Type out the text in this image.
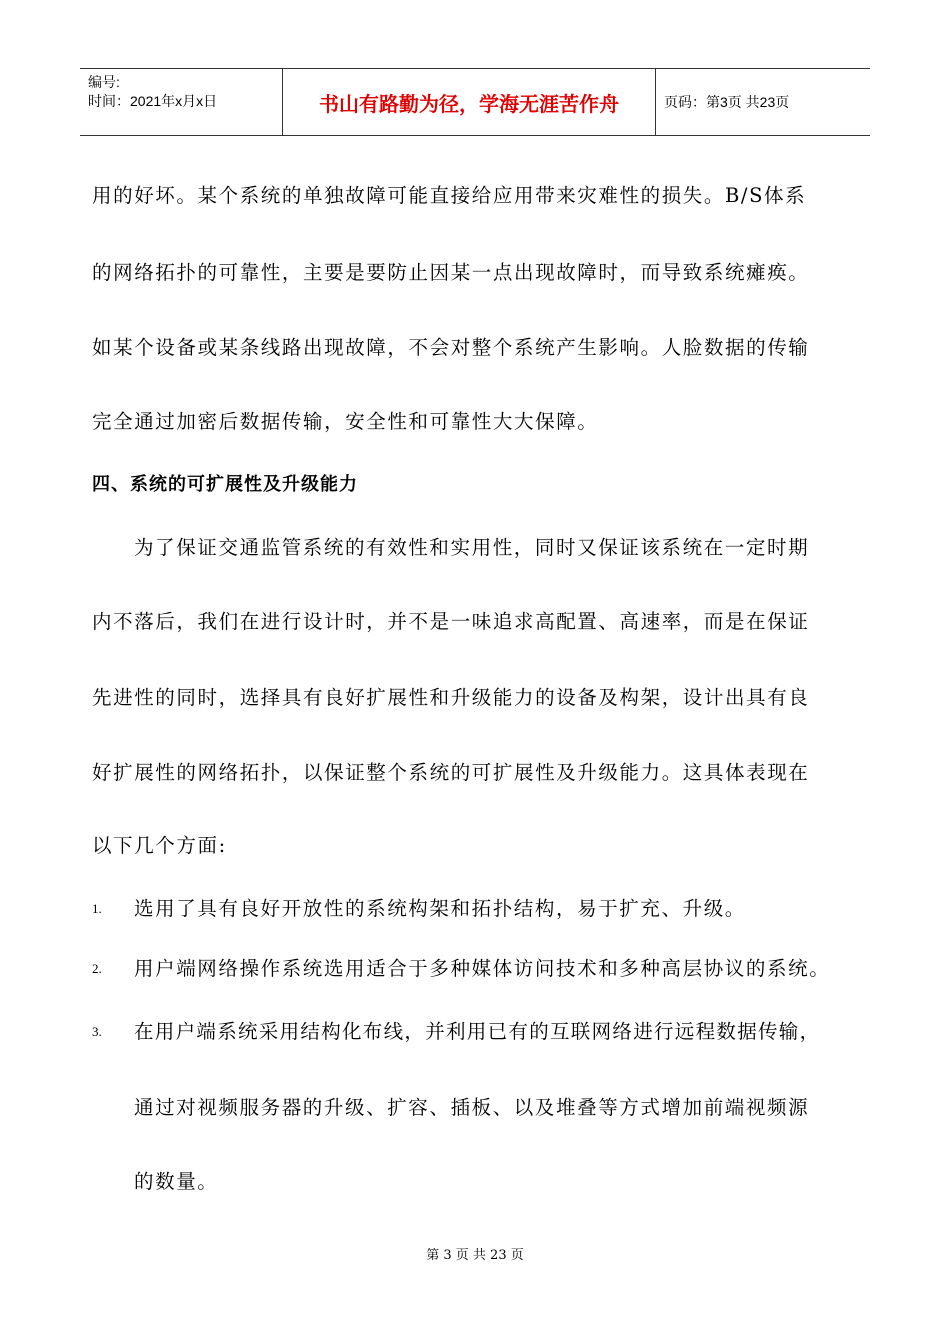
编号:
时间：2021年x月x日	书山有路勤为径，学海无涯苦作舟	页码：第3页 共23页
用的好坏。某个系统的单独故障可能直接给应用带来灾难性的损失。B/S体系
的网络拓扑的可靠性，主要是要防止因某一点出现故障时，而导致系统瘫痪。
如某个设备或某条线路出现故障，不会对整个系统产生影响。人脸数据的传输
完全通过加密后数据传输，安全性和可靠性大大保障。
四、系统的可扩展性及升级能力
为了保证交通监管系统的有效性和实用性，同时又保证该系统在一定时期
内不落后，我们在进行设计时，并不是一味追求高配置、高速率，而是在保证
先进性的同时，选择具有良好扩展性和升级能力的设备及构架，设计出具有良
好扩展性的网络拓扑，以保证整个系统的可扩展性及升级能力。这具体表现在
以下几个方面:
1. 选用了具有良好开放性的系统构架和拓扑结构，易于扩充、升级。
2. 用户端网络操作系统选用适合于多种媒体访问技术和多种高层协议的系统。
3. 在用户端系统采用结构化布线，并利用已有的互联网络进行远程数据传输，
通过对视频服务器的升级、扩容、插板、以及堆叠等方式增加前端视频源
的数量。
第 3 页 共 23 页
